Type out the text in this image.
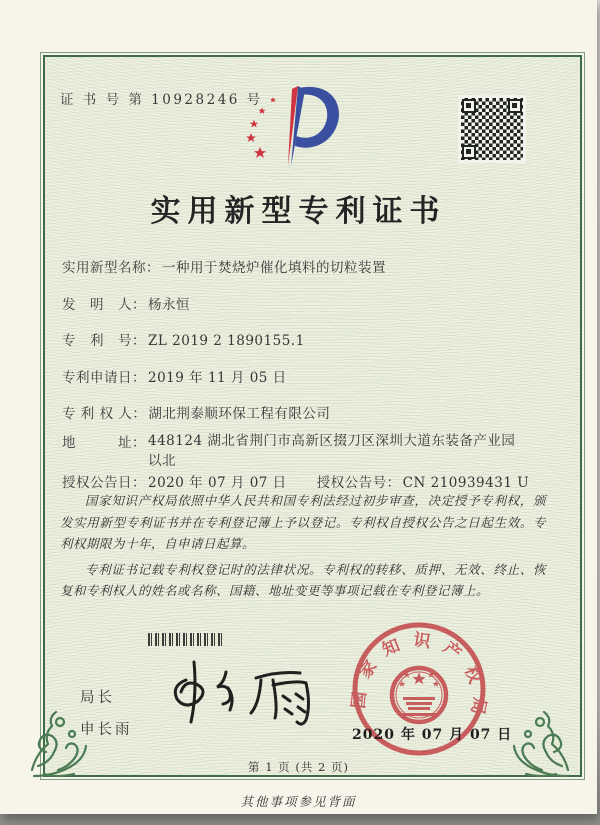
证 书 号 第 10928246 号
实用新型专利证书
实用新型名称： 一种用于焚烧炉催化填料的切粒装置
发　明　人： 杨永恒
专　利　号： ZL 2019 2 1890155.1
专利申请日： 2019 年 11 月 05 日
专 利 权 人： 湖北荆泰顺环保工程有限公司
地　　　址： 448124 湖北省荆门市高新区掇刀区深圳大道东装备产业园以北
授权公告日： 2020 年 07 月 07 日 授权公告号： CN 210939431 U

国家知识产权局依照中华人民共和国专利法经过初步审查，决定授予专利权，颁发实用新型专利证书并在专利登记簿上予以登记。专利权自授权公告之日起生效。专利权期限为十年，自申请日起算。

专利证书记载专利权登记时的法律状况。专利权的转移、质押、无效、终止、恢复和专利权人的姓名或名称、国籍、地址变更等事项记载在专利登记簿上。

局长
申长雨
国家知识产权局
2020 年 07 月 07 日
第 1 页 (共 2 页)
其他事项参见背面
